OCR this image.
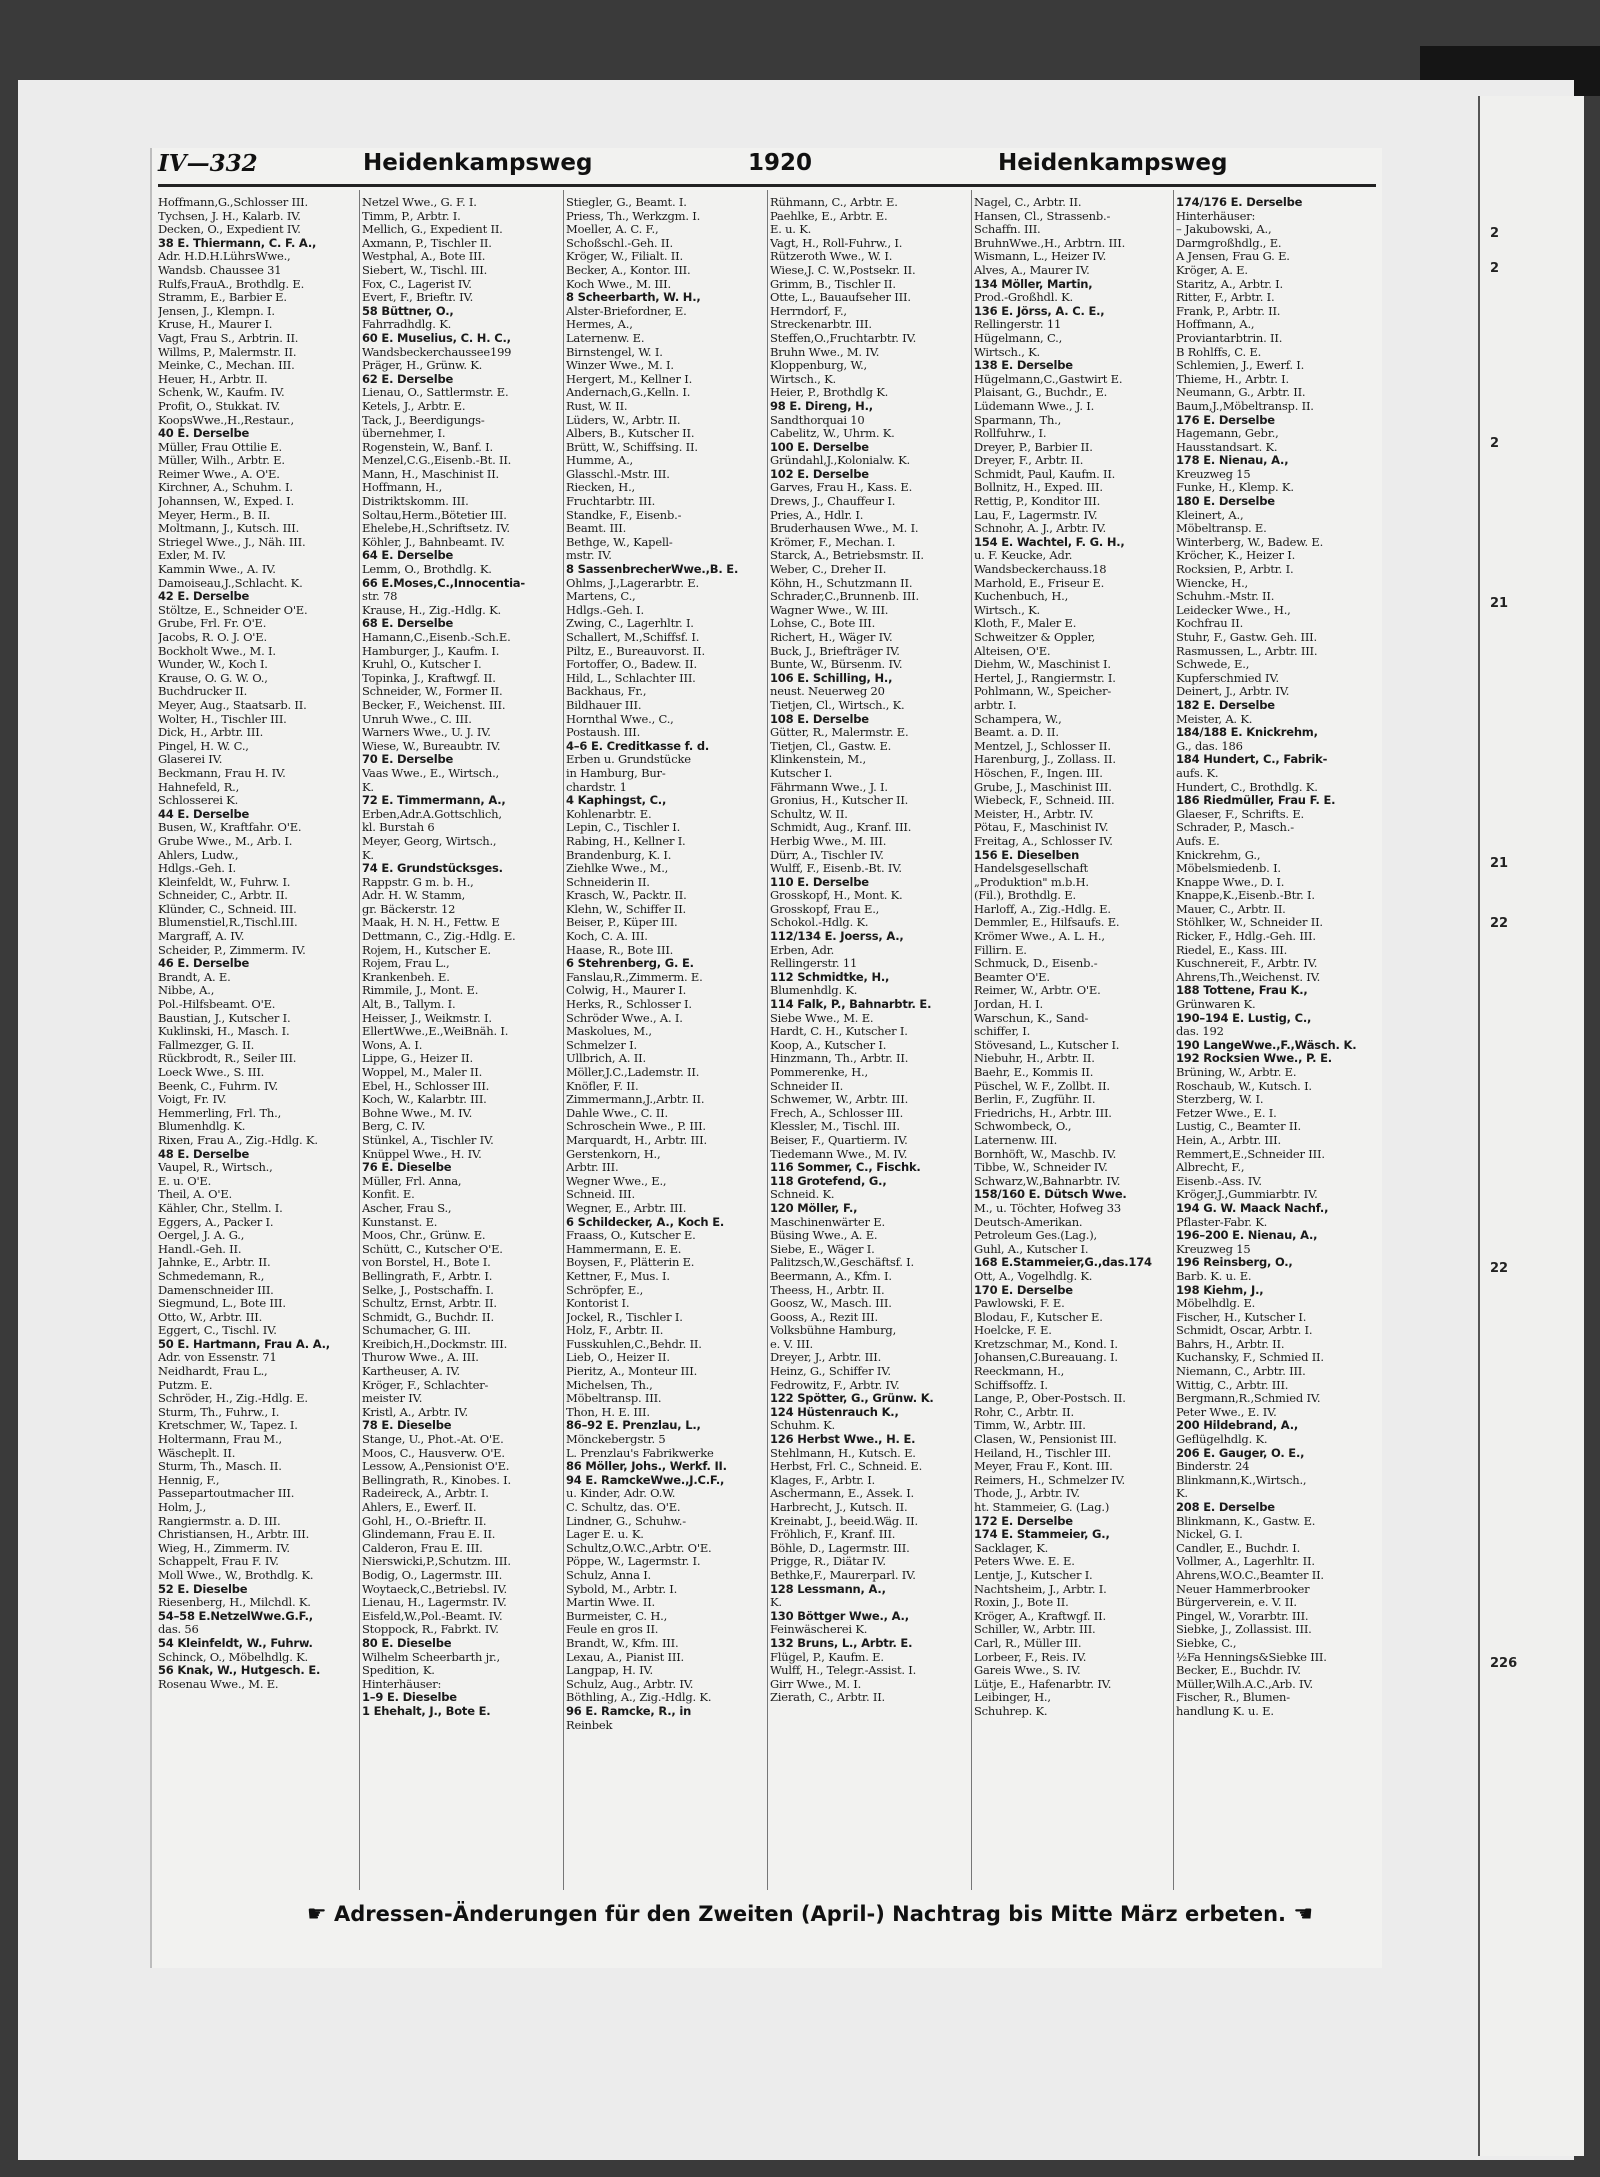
IV—332	Heidenkampsweg	1920	Heidenkampsweg
Hoffmann,G.,Schlosser III.
Tychsen, J. H., Kalarb. IV.
Decken, O., Expedient IV.
38 E. Thiermann, C. F. A.,
Adr. H.D.H.LührsWwe.,
Wandsb. Chaussee 31
Rulfs,FrauA., Brothdlg. E.
Stramm, E., Barbier E.
Jensen, J., Klempn. I.
Kruse, H., Maurer I.
Vagt, Frau S., Arbtrin. II.
Willms, P., Malermstr. II.
Meinke, C., Mechan. III.
Heuer, H., Arbtr. II.
Schenk, W., Kaufm. IV.
Profit, O., Stukkat. IV.
KoopsWwe.,H.,Restaur.,
40 E. Derselbe
Müller, Frau Ottilie E.
Müller, Wilh., Arbtr. E.
Reimer Wwe., A. O'E.
Kirchner, A., Schuhm. I.
Johannsen, W., Exped. I.
Meyer, Herm., B. II.
Moltmann, J., Kutsch. III.
Striegel Wwe., J., Näh. III.
Exler, M. IV.
Kammin Wwe., A. IV.
Damoiseau,J.,Schlacht. K.
42 E. Derselbe
Stöltze, E., Schneider O'E.
Grube, Frl. Fr. O'E.
Jacobs, R. O. J. O'E.
Bockholt Wwe., M. I.
Wunder, W., Koch I.
Krause, O. G. W. O.,
Buchdrucker II.
Meyer, Aug., Staatsarb. II.
Wolter, H., Tischler III.
Dick, H., Arbtr. III.
Pingel, H. W. C.,
Glaserei IV.
Beckmann, Frau H. IV.
Hahnefeld, R.,
Schlosserei K.
44 E. Derselbe
Busen, W., Kraftfahr. O'E.
Grube Wwe., M., Arb. I.
Ahlers, Ludw.,
Hdlgs.-Geh. I.
Kleinfeldt, W., Fuhrw. I.
Schneider, C., Arbtr. II.
Klünder, C., Schneid. III.
Blumenstiel,R.,Tischl.III.
Margraff, A. IV.
Scheider, P., Zimmerm. IV.
46 E. Derselbe
Brandt, A. E.
Nibbe, A.,
Pol.-Hilfsbeamt. O'E.
Baustian, J., Kutscher I.
Kuklinski, H., Masch. I.
Fallmezger, G. II.
Rückbrodt, R., Seiler III.
Loeck Wwe., S. III.
Beenk, C., Fuhrm. IV.
Voigt, Fr. IV.
Hemmerling, Frl. Th.,
Blumenhdlg. K.
Rixen, Frau A., Zig.-Hdlg. K.
48 E. Derselbe
Vaupel, R., Wirtsch.,
E. u. O'E.
Theil, A. O'E.
Kähler, Chr., Stellm. I.
Eggers, A., Packer I.
Oergel, J. A. G.,
Handl.-Geh. II.
Jahnke, E., Arbtr. II.
Schmedemann, R.,
Damenschneider III.
Siegmund, L., Bote III.
Otto, W., Arbtr. III.
Eggert, C., Tischl. IV.
50 E. Hartmann, Frau A. A.,
Adr. von Essenstr. 71
Neidhardt, Frau L.,
Putzm. E.
Schröder, H., Zig.-Hdlg. E.
Sturm, Th., Fuhrw., I.
Kretschmer, W., Tapez. I.
Holtermann, Frau M.,
Wäscheplt. II.
Sturm, Th., Masch. II.
Hennig, F.,
Passepartoutmacher III.
Holm, J.,
Rangiermstr. a. D. III.
Christiansen, H., Arbtr. III.
Wieg, H., Zimmerm. IV.
Schappelt, Frau F. IV.
Moll Wwe., W., Brothdlg. K.
52 E. Dieselbe
Riesenberg, H., Milchdl. K.
54–58 E.NetzelWwe.G.F.,
das. 56
54 Kleinfeldt, W., Fuhrw.
Schinck, O., Möbelhdlg. K.
56 Knak, W., Hutgesch. E.
Rosenau Wwe., M. E.
Netzel Wwe., G. F. I.
Timm, P., Arbtr. I.
Mellich, G., Expedient II.
Axmann, P., Tischler II.
Westphal, A., Bote III.
Siebert, W., Tischl. III.
Fox, C., Lagerist IV.
Evert, F., Brieftr. IV.
58 Büttner, O.,
Fahrradhdlg. K.
60 E. Muselius, C. H. C.,
Wandsbeckerchaussee199
Präger, H., Grünw. K.
62 E. Derselbe
Lienau, O., Sattlermstr. E.
Ketels, J., Arbtr. E.
Tack, J., Beerdigungs-
übernehmer, I.
Rogenstein, W., Banf. I.
Menzel,C.G.,Eisenb.-Bt. II.
Mann, H., Maschinist II.
Hoffmann, H.,
Distriktskomm. III.
Soltau,Herm.,Bötetier III.
Ehelebe,H.,Schriftsetz. IV.
Köhler, J., Bahnbeamt. IV.
64 E. Derselbe
Lemm, O., Brothdlg. K.
66 E.Moses,C.,Innocentia-
str. 78
Krause, H., Zig.-Hdlg. K.
68 E. Derselbe
Hamann,C.,Eisenb.-Sch.E.
Hamburger, J., Kaufm. I.
Kruhl, O., Kutscher I.
Topinka, J., Kraftwgf. II.
Schneider, W., Former II.
Becker, F., Weichenst. III.
Unruh Wwe., C. III.
Warners Wwe., U. J. IV.
Wiese, W., Bureaubtr. IV.
70 E. Derselbe
Vaas Wwe., E., Wirtsch.,
K.
72 E. Timmermann, A.,
Erben,Adr.A.Gottschlich,
kl. Burstah 6
Meyer, Georg, Wirtsch.,
K.
74 E. Grundstücksges.
Rappstr. G m. b. H.,
Adr. H. W. Stamm,
gr. Bäckerstr. 12
Maak, H. N. H., Fettw. E
Dettmann, C., Zig.-Hdlg. E.
Rojem, H., Kutscher E.
Rojem, Frau L.,
Krankenbeh. E.
Rimmile, J., Mont. E.
Alt, B., Tallym. I.
Heisser, J., Weikmstr. I.
EllertWwe.,E.,WeiBnäh. I.
Wons, A. I.
Lippe, G., Heizer II.
Woppel, M., Maler II.
Ebel, H., Schlosser III.
Koch, W., Kalarbtr. III.
Bohne Wwe., M. IV.
Berg, C. IV.
Stünkel, A., Tischler IV.
Knüppel Wwe., H. IV.
76 E. Dieselbe
Müller, Frl. Anna,
Konfit. E.
Ascher, Frau S.,
Kunstanst. E.
Moos, Chr., Grünw. E.
Schütt, C., Kutscher O'E.
von Borstel, H., Bote I.
Bellingrath, F., Arbtr. I.
Selke, J., Postschaffn. I.
Schultz, Ernst, Arbtr. II.
Schmidt, G., Buchdr. II.
Schumacher, G. III.
Kreibich,H.,Dockmstr. III.
Thurow Wwe., A. III.
Kartheuser, A. IV.
Kröger, F., Schlachter-
meister IV.
Kristl, A., Arbtr. IV.
78 E. Dieselbe
Stange, U., Phot.-At. O'E.
Moos, C., Hausverw. O'E.
Lessow, A.,Pensionist O'E.
Bellingrath, R., Kinobes. I.
Radeireck, A., Arbtr. I.
Ahlers, E., Ewerf. II.
Gohl, H., O.-Brieftr. II.
Glindemann, Frau E. II.
Calderon, Frau E. III.
Nierswicki,P.,Schutzm. III.
Bodig, O., Lagermstr. III.
Woytaeck,C.,Betriebsl. IV.
Lienau, H., Lagermstr. IV.
Eisfeld,W.,Pol.-Beamt. IV.
Stoppock, R., Fabrkt. IV.
80 E. Dieselbe
Wilhelm Scheerbarth jr.,
Spedition, K.
Hinterhäuser:
1–9 E. Dieselbe
1 Ehehalt, J., Bote E.
Stiegler, G., Beamt. I.
Priess, Th., Werkzgm. I.
Moeller, A. C. F.,
Schoßschl.-Geh. II.
Kröger, W., Filialt. II.
Becker, A., Kontor. III.
Koch Wwe., M. III.
8 Scheerbarth, W. H.,
Alster-Briefordner, E.
Hermes, A.,
Laternenw. E.
Birnstengel, W. I.
Winzer Wwe., M. I.
Hergert, M., Kellner I.
Andernach,G.,Kelln. I.
Rust, W. II.
Lüders, W., Arbtr. II.
Albers, B., Kutscher II.
Brütt, W., Schiffsing. II.
Humme, A.,
Glasschl.-Mstr. III.
Riecken, H.,
Fruchtarbtr. III.
Standke, F., Eisenb.-
Beamt. III.
Bethge, W., Kapell-
mstr. IV.
8 SassenbrecherWwe.,B. E.
Ohlms, J.,Lagerarbtr. E.
Martens, C.,
Hdlgs.-Geh. I.
Zwing, C., Lagerhltr. I.
Schallert, M.,Schiffsf. I.
Piltz, E., Bureauvorst. II.
Fortoffer, O., Badew. II.
Hild, L., Schlachter III.
Backhaus, Fr.,
Bildhauer III.
Hornthal Wwe., C.,
Postaush. III.
4–6 E. Creditkasse f. d.
Erben u. Grundstücke
in Hamburg, Bur-
chardstr. 1
4 Kaphingst, C.,
Kohlenarbtr. E.
Lepin, C., Tischler I.
Rabing, H., Kellner I.
Brandenburg, K. I.
Ziehlke Wwe., M.,
Schneiderin II.
Krasch, W., Packtr. II.
Klehn, W., Schiffer II.
Beiser, P., Küper III.
Koch, C. A. III.
Haase, R., Bote III.
6 Stehrenberg, G. E.
Fanslau,R.,Zimmerm. E.
Colwig, H., Maurer I.
Herks, R., Schlosser I.
Schröder Wwe., A. I.
Maskolues, M.,
Schmelzer I.
Ullbrich, A. II.
Möller,J.C.,Lademstr. II.
Knöfler, F. II.
Zimmermann,J.,Arbtr. II.
Dahle Wwe., C. II.
Schroschein Wwe., P. III.
Marquardt, H., Arbtr. III.
Gerstenkorn, H.,
Arbtr. III.
Wegner Wwe., E.,
Schneid. III.
Wegner, E., Arbtr. III.
6 Schildecker, A., Koch E.
Fraass, O., Kutscher E.
Hammermann, E. E.
Boysen, F., Plätterin E.
Kettner, F., Mus. I.
Schröpfer, E.,
Kontorist I.
Jockel, R., Tischler I.
Holz, F., Arbtr. II.
Fusskuhlen,C.,Behdr. II.
Lieb, O., Heizer II.
Pieritz, A., Monteur III.
Michelsen, Th.,
Möbeltransp. III.
Thon, H. E. III.
86–92 E. Prenzlau, L.,
Mönckebergstr. 5
L. Prenzlau's Fabrikwerke
86 Möller, Johs., Werkf. II.
94 E. RamckeWwe.,J.C.F.,
u. Kinder, Adr. O.W.
C. Schultz, das. O'E.
Lindner, G., Schuhw.-
Lager E. u. K.
Schultz,O.W.C.,Arbtr. O'E.
Pöppe, W., Lagermstr. I.
Schulz, Anna I.
Sybold, M., Arbtr. I.
Martin Wwe. II.
Burmeister, C. H.,
Feule en gros II.
Brandt, W., Kfm. III.
Lexau, A., Pianist III.
Langpap, H. IV.
Schulz, Aug., Arbtr. IV.
Böthling, A., Zig.-Hdlg. K.
96 E. Ramcke, R., in
Reinbek
Rühmann, C., Arbtr. E.
Paehlke, E., Arbtr. E.
E. u. K.
Vagt, H., Roll-Fuhrw., I.
Rützeroth Wwe., W. I.
Wiese,J. C. W.,Postsekr. II.
Grimm, B., Tischler II.
Otte, L., Bauaufseher III.
Herrndorf, F.,
Streckenarbtr. III.
Steffen,O.,Fruchtarbtr. IV.
Bruhn Wwe., M. IV.
Kloppenburg, W.,
Wirtsch., K.
Heier, P., Brothdlg K.
98 E. Direng, H.,
Sandthorquai 10
Cabelitz, W., Uhrm. K.
100 E. Derselbe
Gründahl,J.,Kolonialw. K.
102 E. Derselbe
Garves, Frau H., Kass. E.
Drews, J., Chauffeur I.
Pries, A., Hdlr. I.
Bruderhausen Wwe., M. I.
Krömer, F., Mechan. I.
Starck, A., Betriebsmstr. II.
Weber, C., Dreher II.
Köhn, H., Schutzmann II.
Schrader,C.,Brunnenb. III.
Wagner Wwe., W. III.
Lohse, C., Bote III.
Richert, H., Wäger IV.
Buck, J., Briefträger IV.
Bunte, W., Bürsenm. IV.
106 E. Schilling, H.,
neust. Neuerweg 20
Tietjen, Cl., Wirtsch., K.
108 E. Derselbe
Gütter, R., Malermstr. E.
Tietjen, Cl., Gastw. E.
Klinkenstein, M.,
Kutscher I.
Fährmann Wwe., J. I.
Gronius, H., Kutscher II.
Schultz, W. II.
Schmidt, Aug., Kranf. III.
Herbig Wwe., M. III.
Dürr, A., Tischler IV.
Wulff, F., Eisenb.-Bt. IV.
110 E. Derselbe
Grosskopf, H., Mont. K.
Grosskopf, Frau E.,
Schokol.-Hdlg. K.
112/134 E. Joerss, A.,
Erben, Adr.
Rellingerstr. 11
112 Schmidtke, H.,
Blumenhdlg. K.
114 Falk, P., Bahnarbtr. E.
Siebe Wwe., M. E.
Hardt, C. H., Kutscher I.
Koop, A., Kutscher I.
Hinzmann, Th., Arbtr. II.
Pommerenke, H.,
Schneider II.
Schwemer, W., Arbtr. III.
Frech, A., Schlosser III.
Klessler, M., Tischl. III.
Beiser, F., Quartierm. IV.
Tiedemann Wwe., M. IV.
116 Sommer, C., Fischk.
118 Grotefend, G.,
Schneid. K.
120 Möller, F.,
Maschinenwärter E.
Büsing Wwe., A. E.
Siebe, E., Wäger I.
Palitzsch,W.,Geschäftsf. I.
Beermann, A., Kfm. I.
Theess, H., Arbtr. II.
Goosz, W., Masch. III.
Gooss, A., Rezit III.
Volksbühne Hamburg,
e. V. III.
Dreyer, J., Arbtr. III.
Heinz, G., Schiffer IV.
Fedrowitz, F., Arbtr. IV.
122 Spötter, G., Grünw. K.
124 Hüstenrauch K.,
Schuhm. K.
126 Herbst Wwe., H. E.
Stehlmann, H., Kutsch. E.
Herbst, Frl. C., Schneid. E.
Klages, F., Arbtr. I.
Aschermann, E., Assek. I.
Harbrecht, J., Kutsch. II.
Kreinabt, J., beeid.Wäg. II.
Fröhlich, F., Kranf. III.
Böhle, D., Lagermstr. III.
Prigge, R., Diätar IV.
Bethke,F., Maurerparl. IV.
128 Lessmann, A.,
K.
130 Böttger Wwe., A.,
Feinwäscherei K.
132 Bruns, L., Arbtr. E.
Flügel, P., Kaufm. E.
Wulff, H., Telegr.-Assist. I.
Girr Wwe., M. I.
Zierath, C., Arbtr. II.
Nagel, C., Arbtr. II.
Hansen, Cl., Strassenb.-
Schaffn. III.
BruhnWwe.,H., Arbtrn. III.
Wismann, L., Heizer IV.
Alves, A., Maurer IV.
134 Möller, Martin,
Prod.-Großhdl. K.
136 E. Jörss, A. C. E.,
Rellingerstr. 11
Hügelmann, C.,
Wirtsch., K.
138 E. Derselbe
Hügelmann,C.,Gastwirt E.
Plaisant, G., Buchdr., E.
Lüdemann Wwe., J. I.
Sparmann, Th.,
Rollfuhrw., I.
Dreyer, P., Barbier II.
Dreyer, F., Arbtr. II.
Schmidt, Paul, Kaufm. II.
Bollnitz, H., Exped. III.
Rettig, P., Konditor III.
Lau, F., Lagermstr. IV.
Schnohr, A. J., Arbtr. IV.
154 E. Wachtel, F. G. H.,
u. F. Keucke, Adr.
Wandsbeckerchauss.18
Marhold, E., Friseur E.
Kuchenbuch, H.,
Wirtsch., K.
Kloth, F., Maler E.
Schweitzer & Oppler,
Alteisen, O'E.
Diehm, W., Maschinist I.
Hertel, J., Rangiermstr. I.
Pohlmann, W., Speicher-
arbtr. I.
Schampera, W.,
Beamt. a. D. II.
Mentzel, J., Schlosser II.
Harenburg, J., Zollass. II.
Höschen, F., Ingen. III.
Grube, J., Maschinist III.
Wiebeck, F., Schneid. III.
Meister, H., Arbtr. IV.
Pötau, F., Maschinist IV.
Freitag, A., Schlosser IV.
156 E. Dieselben
Handelsgesellschaft
„Produktion" m.b.H.
(Fil.), Brothdlg. E.
Harloff, A., Zig.-Hdlg. E.
Demmler, E., Hilfsaufs. E.
Krömer Wwe., A. L. H.,
Fillirn. E.
Schmuck, D., Eisenb.-
Beamter O'E.
Reimer, W., Arbtr. O'E.
Jordan, H. I.
Warschun, K., Sand-
schiffer, I.
Stövesand, L., Kutscher I.
Niebuhr, H., Arbtr. II.
Baehr, E., Kommis II.
Püschel, W. F., Zollbt. II.
Berlin, F., Zugführ. II.
Friedrichs, H., Arbtr. III.
Schwombeck, O.,
Laternenw. III.
Bornhöft, W., Maschb. IV.
Tibbe, W., Schneider IV.
Schwarz,W.,Bahnarbtr. IV.
158/160 E. Dütsch Wwe.
M., u. Töchter, Hofweg 33
Deutsch-Amerikan.
Petroleum Ges.(Lag.),
Guhl, A., Kutscher I.
168 E.Stammeier,G.,das.174
Ott, A., Vogelhdlg. K.
170 E. Derselbe
Pawlowski, F. E.
Blodau, F., Kutscher E.
Hoelcke, F. E.
Kretzschmar, M., Kond. I.
Johansen,C.Bureauang. I.
Reeckmann, H.,
Schiffsoffz. I.
Lange, P., Ober-Postsch. II.
Rohr, C., Arbtr. II.
Timm, W., Arbtr. III.
Clasen, W., Pensionist III.
Heiland, H., Tischler III.
Meyer, Frau F., Kont. III.
Reimers, H., Schmelzer IV.
Thode, J., Arbtr. IV.
ht. Stammeier, G. (Lag.)
172 E. Derselbe
174 E. Stammeier, G.,
Sacklager, K.
Peters Wwe. E. E.
Lentje, J., Kutscher I.
Nachtsheim, J., Arbtr. I.
Roxin, J., Bote II.
Kröger, A., Kraftwgf. II.
Schiller, W., Arbtr. III.
Carl, R., Müller III.
Lorbeer, F., Reis. IV.
Gareis Wwe., S. IV.
Lütje, E., Hafenarbtr. IV.
Leibinger, H.,
Schuhrep. K.
174/176 E. Derselbe
Hinterhäuser:
– Jakubowski, A.,
Darmgroßhdlg., E.
A Jensen, Frau G. E.
Kröger, A. E.
Staritz, A., Arbtr. I.
Ritter, F., Arbtr. I.
Frank, P., Arbtr. II.
Hoffmann, A.,
Proviantarbtrin. II.
B Rohlffs, C. E.
Schlemien, J., Ewerf. I.
Thieme, H., Arbtr. I.
Neumann, G., Arbtr. II.
Baum,J.,Möbeltransp. II.
176 E. Derselbe
Hagemann, Gebr.,
Hausstandsart. K.
178 E. Nienau, A.,
Kreuzweg 15
Funke, H., Klemp. K.
180 E. Derselbe
Kleinert, A.,
Möbeltransp. E.
Winterberg, W., Badew. E.
Kröcher, K., Heizer I.
Rocksien, P., Arbtr. I.
Wiencke, H.,
Schuhm.-Mstr. II.
Leidecker Wwe., H.,
Kochfrau II.
Stuhr, F., Gastw. Geh. III.
Rasmussen, L., Arbtr. III.
Schwede, E.,
Kupferschmied IV.
Deinert, J., Arbtr. IV.
182 E. Derselbe
Meister, A. K.
184/188 E. Knickrehm,
G., das. 186
184 Hundert, C., Fabrik-
aufs. K.
Hundert, C., Brothdlg. K.
186 Riedmüller, Frau F. E.
Glaeser, F., Schrifts. E.
Schrader, P., Masch.-
Aufs. E.
Knickrehm, G.,
Möbelsmiedenb. I.
Knappe Wwe., D. I.
Knappe,K.,Eisenb.-Btr. I.
Mauer, C., Arbtr. II.
Stöhlker, W., Schneider II.
Ricker, F., Hdlg.-Geh. III.
Riedel, E., Kass. III.
Kuschnereit, F., Arbtr. IV.
Ahrens,Th.,Weichenst. IV.
188 Tottene, Frau K.,
Grünwaren K.
190–194 E. Lustig, C.,
das. 192
190 LangeWwe.,F.,Wäsch. K.
192 Rocksien Wwe., P. E.
Brüning, W., Arbtr. E.
Roschaub, W., Kutsch. I.
Sterzberg, W. I.
Fetzer Wwe., E. I.
Lustig, C., Beamter II.
Hein, A., Arbtr. III.
Remmert,E.,Schneider III.
Albrecht, F.,
Eisenb.-Ass. IV.
Kröger,J.,Gummiarbtr. IV.
194 G. W. Maack Nachf.,
Pflaster-Fabr. K.
196–200 E. Nienau, A.,
Kreuzweg 15
196 Reinsberg, O.,
Barb. K. u. E.
198 Kiehm, J.,
Möbelhdlg. E.
Fischer, H., Kutscher I.
Schmidt, Oscar, Arbtr. I.
Bahrs, H., Arbtr. II.
Kuchansky, F., Schmied II.
Niemann, C., Arbtr. III.
Wittig, C., Arbtr. III.
Bergmann,R.,Schmied IV.
Peter Wwe., E. IV.
200 Hildebrand, A.,
Geflügelhdlg. K.
206 E. Gauger, O. E.,
Binderstr. 24
Blinkmann,K.,Wirtsch.,
K.
208 E. Derselbe
Blinkmann, K., Gastw. E.
Nickel, G. I.
Candler, E., Buchdr. I.
Vollmer, A., Lagerhltr. II.
Ahrens,W.O.C.,Beamter II.
Neuer Hammerbrooker
Bürgerverein, e. V. II.
Pingel, W., Vorarbtr. III.
Siebke, J., Zollassist. III.
Siebke, C.,
½Fa Hennings&Siebke III.
Becker, E., Buchdr. IV.
Müller,Wilh.A.C.,Arb. IV.
Fischer, R., Blumen-
handlung K. u. E.
☛ Adressen-Änderungen für den Zweiten (April-) Nachtrag bis Mitte März erbeten. ☚
2
2
2
21
21
22
22
226
